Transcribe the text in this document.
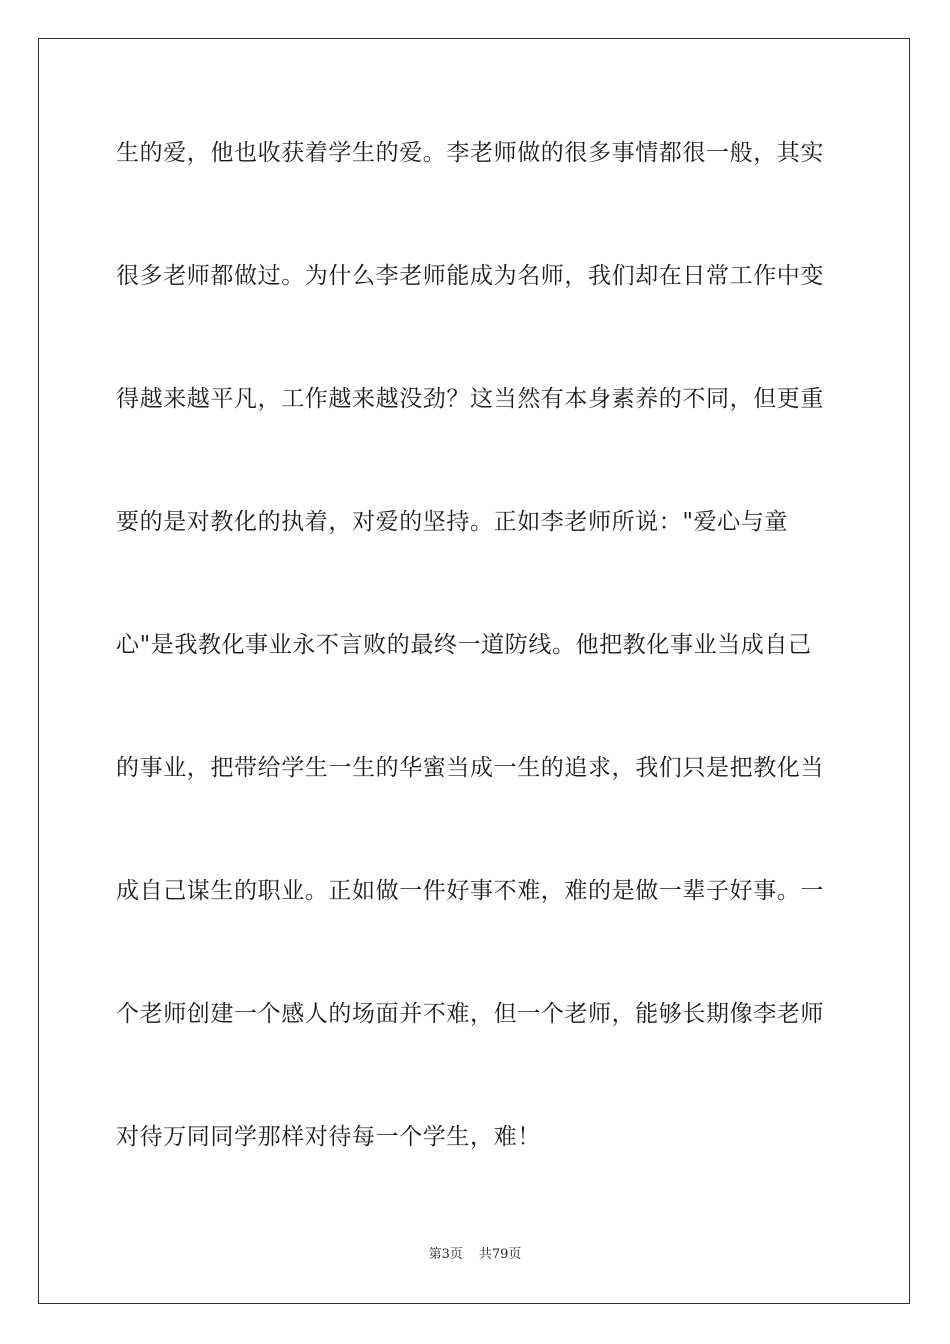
生的爱，他也收获着学生的爱。李老师做的很多事情都很一般，其实
很多老师都做过。为什么李老师能成为名师，我们却在日常工作中变
得越来越平凡，工作越来越没劲？这当然有本身素养的不同，但更重
要的是对教化的执着，对爱的坚持。正如李老师所说："爱心与童
心"是我教化事业永不言败的最终一道防线。他把教化事业当成自己
的事业，把带给学生一生的华蜜当成一生的追求，我们只是把教化当
成自己谋生的职业。正如做一件好事不难，难的是做一辈子好事。一
个老师创建一个感人的场面并不难，但一个老师，能够长期像李老师
对待万同同学那样对待每一个学生，难！
第3页 共79页
